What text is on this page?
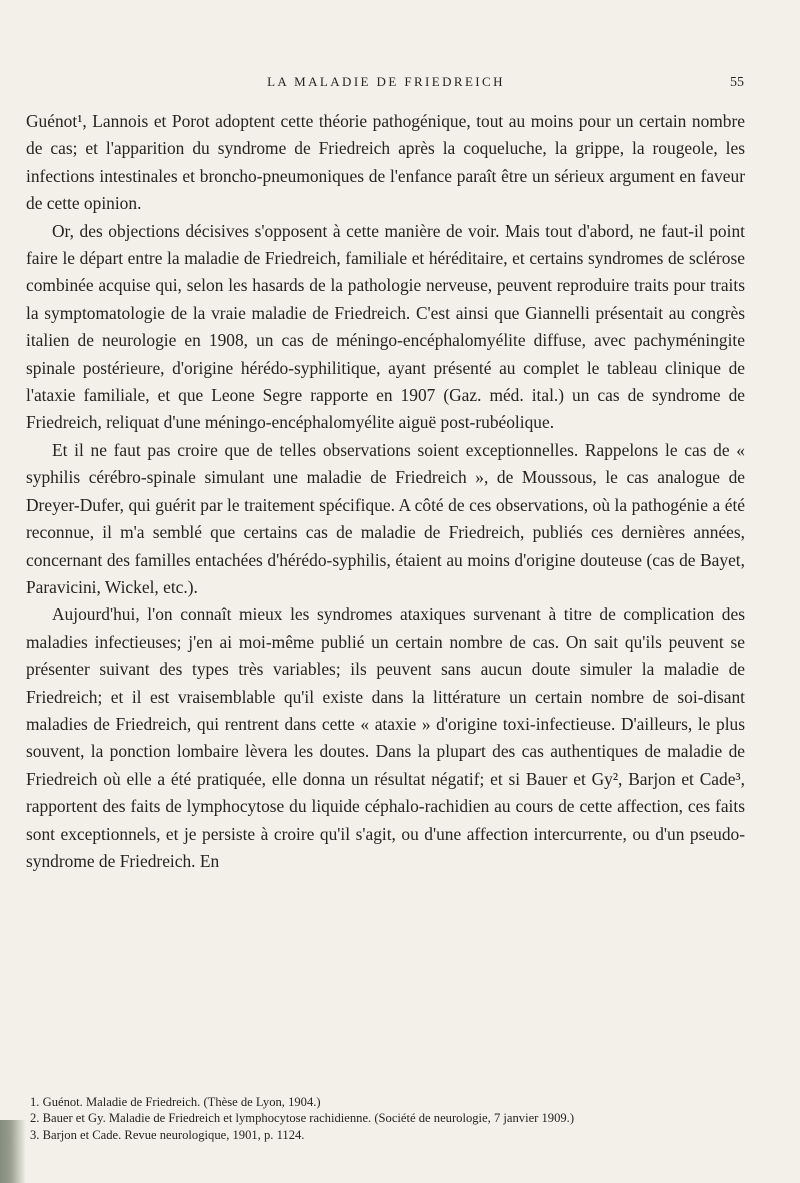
LA MALADIE DE FRIEDREICH	55

Guénot¹, Lannois et Porot adoptent cette théorie pathogénique, tout au moins pour un certain nombre de cas; et l'apparition du syndrome de Friedreich après la coqueluche, la grippe, la rougeole, les infections intestinales et broncho-pneumoniques de l'enfance paraît être un sérieux argument en faveur de cette opinion.

Or, des objections décisives s'opposent à cette manière de voir. Mais tout d'abord, ne faut-il point faire le départ entre la maladie de Friedreich, familiale et héréditaire, et certains syndromes de sclérose combinée acquise qui, selon les hasards de la pathologie nerveuse, peuvent reproduire traits pour traits la symptomatologie de la vraie maladie de Friedreich. C'est ainsi que Giannelli présentait au congrès italien de neurologie en 1908, un cas de méningo-encéphalomyélite diffuse, avec pachyméningite spinale postérieure, d'origine hérédo-syphilitique, ayant présenté au complet le tableau clinique de l'ataxie familiale, et que Leone Segre rapporte en 1907 (Gaz. méd. ital.) un cas de syndrome de Friedreich, reliquat d'une méningo-encéphalomyélite aiguë post-rubéolique.

Et il ne faut pas croire que de telles observations soient exceptionnelles. Rappelons le cas de « syphilis cérébro-spinale simulant une maladie de Friedreich », de Moussous, le cas analogue de Dreyer-Dufer, qui guérit par le traitement spécifique. A côté de ces observations, où la pathogénie a été reconnue, il m'a semblé que certains cas de maladie de Friedreich, publiés ces dernières années, concernant des familles entachées d'hérédo-syphilis, étaient au moins d'origine douteuse (cas de Bayet, Paravicini, Wickel, etc.).

Aujourd'hui, l'on connaît mieux les syndromes ataxiques survenant à titre de complication des maladies infectieuses; j'en ai moi-même publié un certain nombre de cas. On sait qu'ils peuvent se présenter suivant des types très variables; ils peuvent sans aucun doute simuler la maladie de Friedreich; et il est vraisemblable qu'il existe dans la littérature un certain nombre de soi-disant maladies de Friedreich, qui rentrent dans cette « ataxie » d'origine toxi-infectieuse. D'ailleurs, le plus souvent, la ponction lombaire lèvera les doutes. Dans la plupart des cas authentiques de maladie de Friedreich où elle a été pratiquée, elle donna un résultat négatif; et si Bauer et Gy², Barjon et Cade³, rapportent des faits de lymphocytose du liquide céphalo-rachidien au cours de cette affection, ces faits sont exceptionnels, et je persiste à croire qu'il s'agit, ou d'une affection intercurrente, ou d'un pseudo-syndrome de Friedreich. En

1. Guénot. Maladie de Friedreich. (Thèse de Lyon, 1904.)

2. Bauer et Gy. Maladie de Friedreich et lymphocytose rachidienne. (Société de neurologie, 7 janvier 1909.)

3. Barjon et Cade. Revue neurologique, 1901, p. 1124.
